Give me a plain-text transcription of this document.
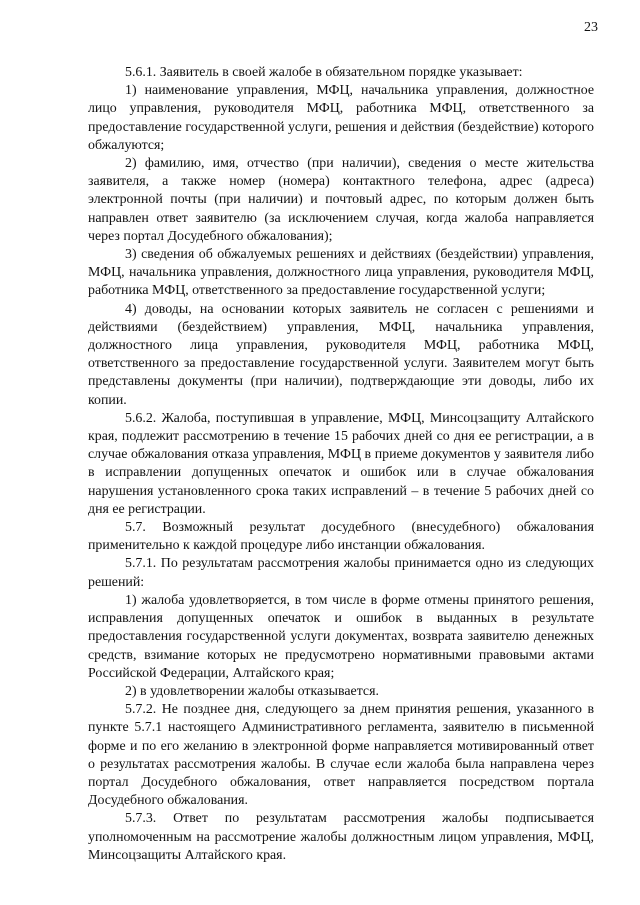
23

5.6.1. Заявитель в своей жалобе в обязательном порядке указывает:

1) наименование управления, МФЦ, начальника управления, должностное лицо управления, руководителя МФЦ, работника МФЦ, ответственного за предоставление государственной услуги, решения и действия (бездействие) которого обжалуются;

2) фамилию, имя, отчество (при наличии), сведения о месте жительства заявителя, а также номер (номера) контактного телефона, адрес (адреса) электронной почты (при наличии) и почтовый адрес, по которым должен быть направлен ответ заявителю (за исключением случая, когда жалоба направляется через портал Досудебного обжалования);

3) сведения об обжалуемых решениях и действиях (бездействии) управления, МФЦ, начальника управления, должностного лица управления, руководителя МФЦ, работника МФЦ, ответственного за предоставление государственной услуги;

4) доводы, на основании которых заявитель не согласен с решениями и действиями (бездействием) управления, МФЦ, начальника управления, должностного лица управления, руководителя МФЦ, работника МФЦ, ответственного за предоставление государственной услуги. Заявителем могут быть представлены документы (при наличии), подтверждающие эти доводы, либо их копии.

5.6.2. Жалоба, поступившая в управление, МФЦ, Минсоцзащиту Алтайского края, подлежит рассмотрению в течение 15 рабочих дней со дня ее регистрации, а в случае обжалования отказа управления, МФЦ в приеме документов у заявителя либо в исправлении допущенных опечаток и ошибок или в случае обжалования нарушения установленного срока таких исправлений – в течение 5 рабочих дней со дня ее регистрации.

5.7. Возможный результат досудебного (внесудебного) обжалования применительно к каждой процедуре либо инстанции обжалования.

5.7.1. По результатам рассмотрения жалобы принимается одно из следующих решений:

1) жалоба удовлетворяется, в том числе в форме отмены принятого решения, исправления допущенных опечаток и ошибок в выданных в результате предоставления государственной услуги документах, возврата заявителю денежных средств, взимание которых не предусмотрено нормативными правовыми актами Российской Федерации, Алтайского края;

2) в удовлетворении жалобы отказывается.

5.7.2. Не позднее дня, следующего за днем принятия решения, указанного в пункте 5.7.1 настоящего Административного регламента, заявителю в письменной форме и по его желанию в электронной форме направляется мотивированный ответ о результатах рассмотрения жалобы. В случае если жалоба была направлена через портал Досудебного обжалования, ответ направляется посредством портала Досудебного обжалования.

5.7.3. Ответ по результатам рассмотрения жалобы подписывается уполномоченным на рассмотрение жалобы должностным лицом управления, МФЦ, Минсоцзащиты Алтайского края.
